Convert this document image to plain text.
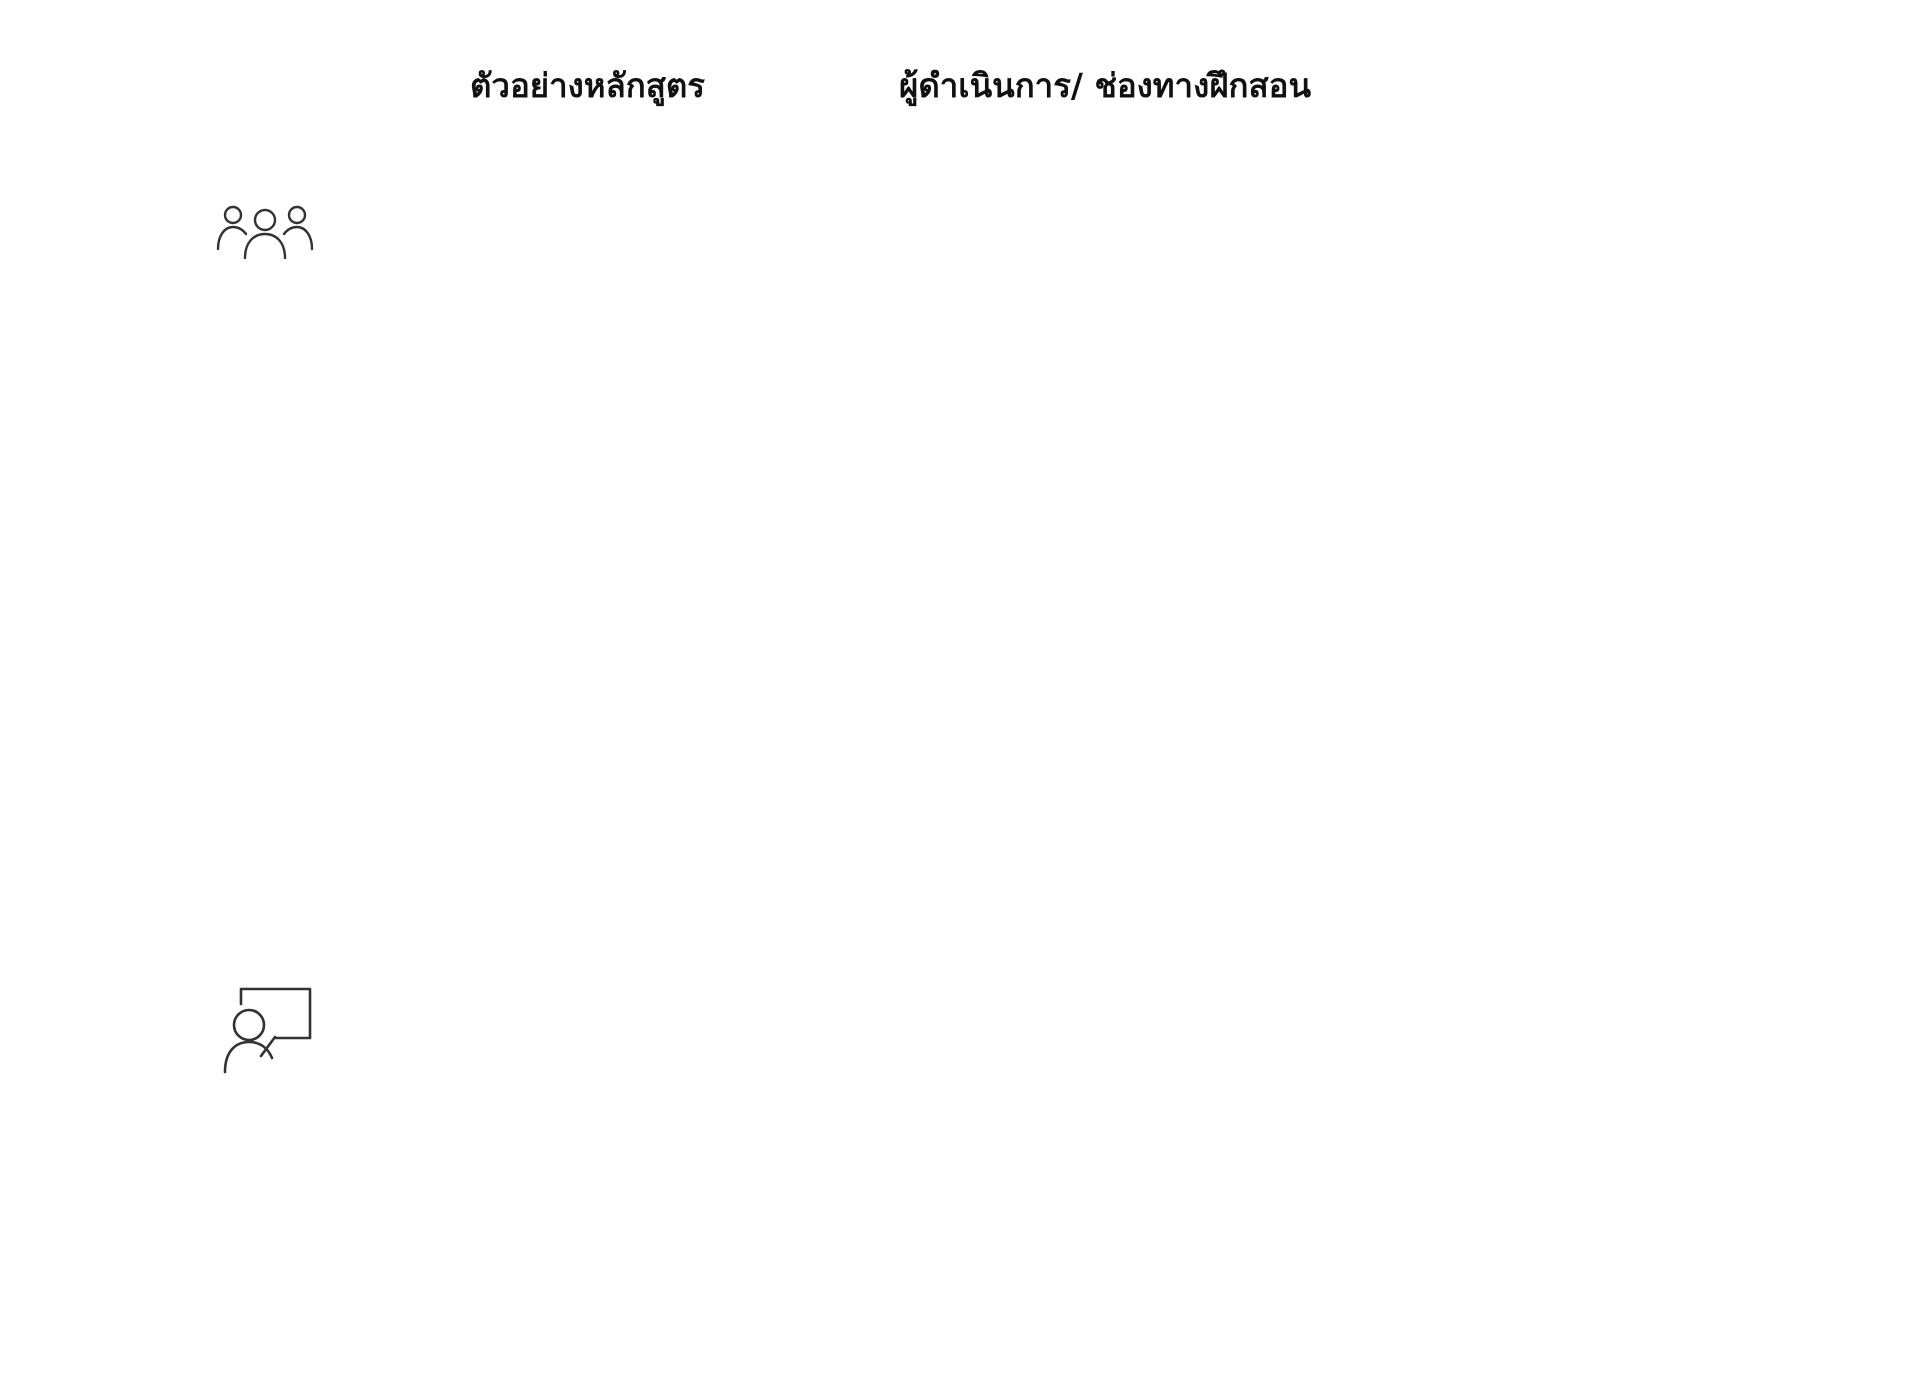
ตัวอย่างหลักสูตร	ผู้ดำเนินการ/ ช่องทางฝึกสอน
